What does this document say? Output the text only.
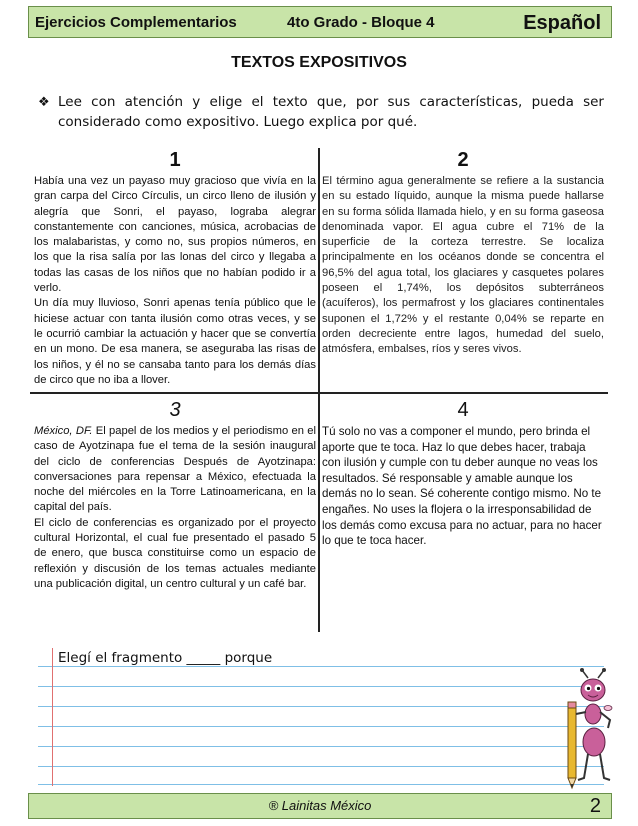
Ejercicios Complementarios	4to Grado - Bloque 4	Español
TEXTOS EXPOSITIVOS
❖ Lee con atención y elige el texto que, por sus características, pueda ser considerado como expositivo. Luego explica por qué.
1

Había una vez un payaso muy gracioso que vivía en la gran carpa del Circo Círculis, un circo lleno de ilusión y alegría que Sonri, el payaso, lograba alegrar constantemente con canciones, música, acrobacias de los malabaristas, y como no, sus propios números, en los que la risa salía por las lonas del circo y llegaba a todas las casas de los niños que no habían podido ir a verlo.

Un día muy lluvioso, Sonri apenas tenía público que le hiciese actuar con tanta ilusión como otras veces, y se le ocurrió cambiar la actuación y hacer que se convertía en un mono. De esa manera, se aseguraba las risas de los niños, y él no se cansaba tanto para los demás días de circo que no iba a llover.

2

El término agua generalmente se refiere a la sustancia en su estado líquido, aunque la misma puede hallarse en su forma sólida llamada hielo, y en su forma gaseosa denominada vapor. El agua cubre el 71% de la superficie de la corteza terrestre. Se localiza principalmente en los océanos donde se concentra el 96,5% del agua total, los glaciares y casquetes polares poseen el 1,74%, los depósitos subterráneos (acuíferos), los permafrost y los glaciares continentales suponen el 1,72% y el restante 0,04% se reparte en orden decreciente entre lagos, humedad del suelo, atmósfera, embalses, ríos y seres vivos.

3

México, DF. El papel de los medios y el periodismo en el caso de Ayotzinapa fue el tema de la sesión inaugural del ciclo de conferencias Después de Ayotzinapa: conversaciones para repensar a México, efectuada la noche del miércoles en la Torre Latinoamericana, en la capital del país.

El ciclo de conferencias es organizado por el proyecto cultural Horizontal, el cual fue presentado el pasado 5 de enero, que busca constituirse como un espacio de reflexión y discusión de los temas actuales mediante una publicación digital, un centro cultural y un café bar.

4

Tú solo no vas a componer el mundo, pero brinda el aporte que te toca. Haz lo que debes hacer, trabaja con ilusión y cumple con tu deber aunque no veas los resultados. Sé responsable y amable aunque los demás no lo sean. Sé coherente contigo mismo. No te engañes. No uses la flojera o la irresponsabilidad de los demás como excusa para no actuar, para no hacer lo que te toca hacer.

Elegí el fragmento _____ porque
® Lainitas México	2
